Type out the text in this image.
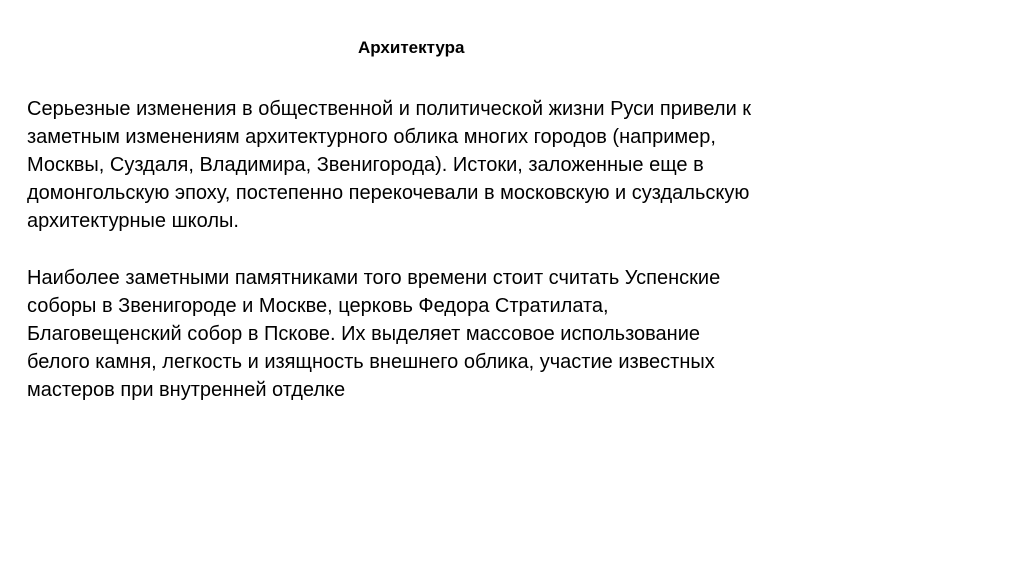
Архитектура
Серьезные изменения в общественной и политической жизни Руси привели к
заметным изменениям архитектурного облика многих городов (например,
Москвы, Суздаля, Владимира, Звенигорода). Истоки, заложенные еще в
домонгольскую эпоху, постепенно перекочевали в московскую и суздальскую
архитектурные школы.
Наиболее заметными памятниками того времени стоит считать Успенские
соборы в Звенигороде и Москве, церковь Федора Стратилата,
Благовещенский собор в Пскове. Их выделяет массовое использование
белого камня, легкость и изящность внешнего облика, участие известных
мастеров при внутренней отделке
